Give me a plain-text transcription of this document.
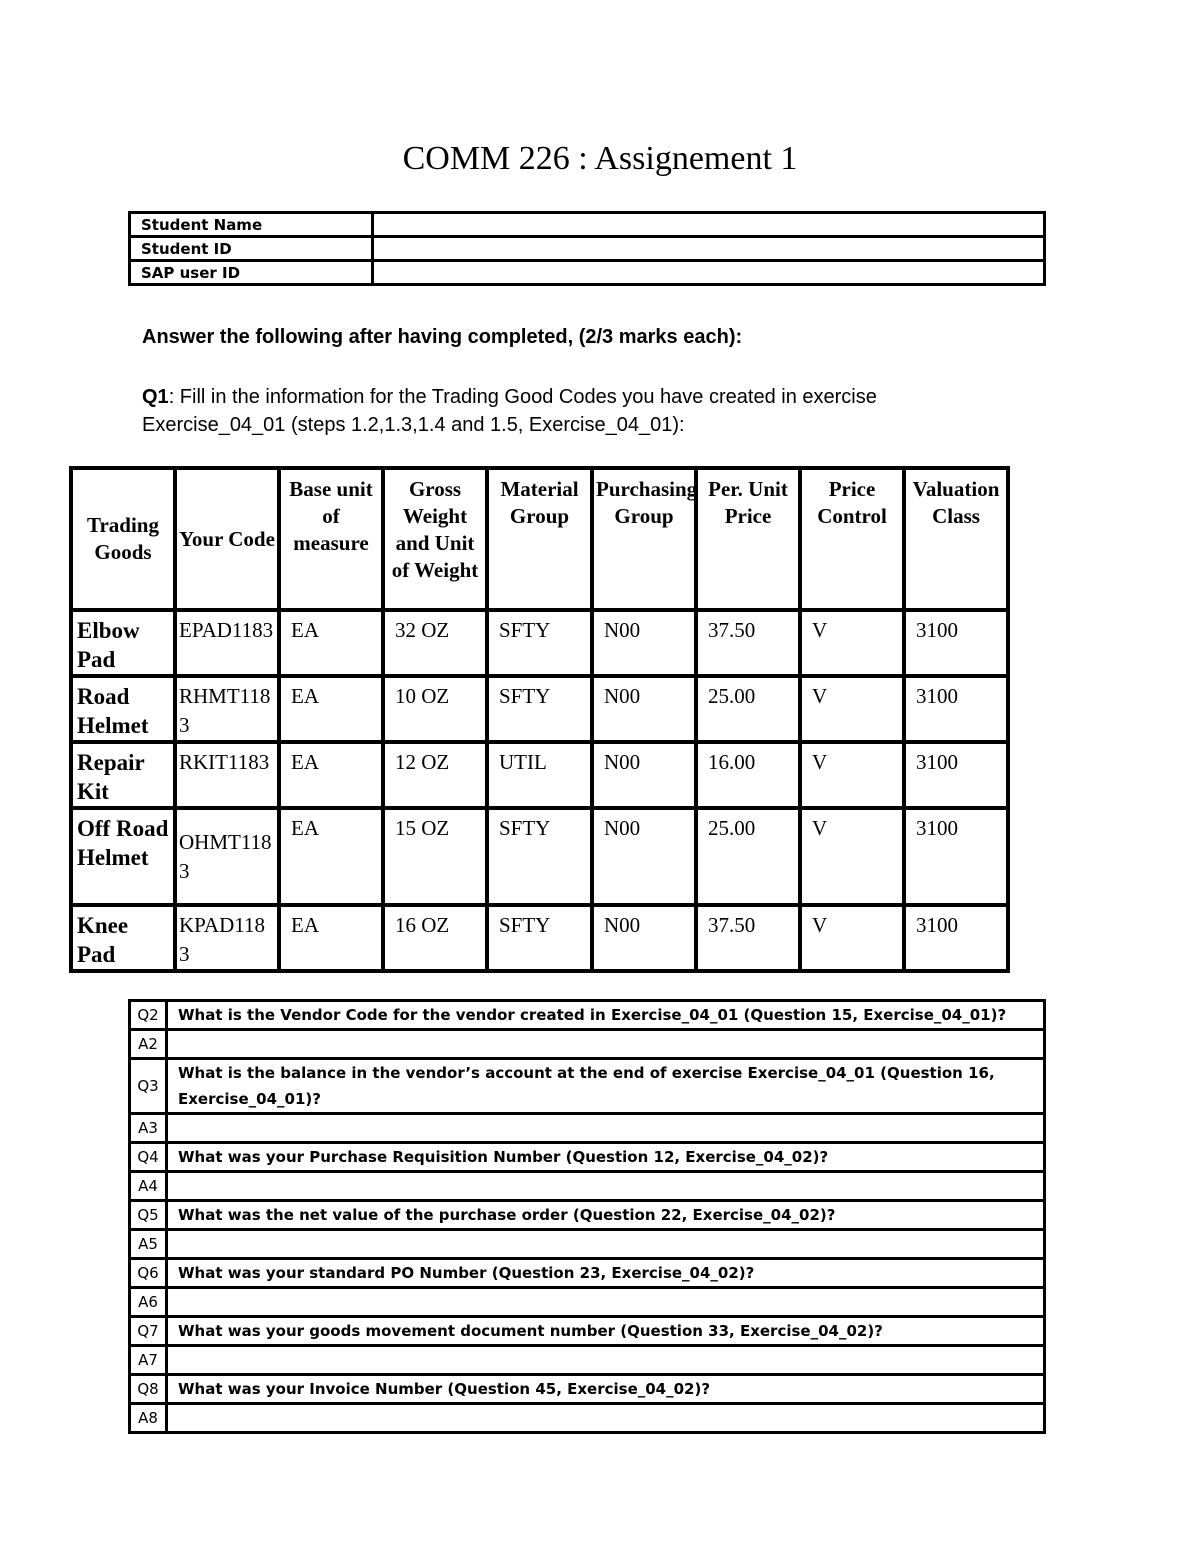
COMM 226 : Assignement 1
Student Name	
Student ID	
SAP user ID	
Answer the following after having completed, (2/3 marks each):
Q1: Fill in the information for the Trading Good Codes you have created in exercise Exercise_04_01 (steps 1.2,1.3,1.4 and 1.5, Exercise_04_01):
Trading Goods	Your Code	Base unit of measure	Gross Weight and Unit of Weight	Material Group	Purchasing Group	Per. Unit Price	Price Control	Valuation Class
Elbow Pad	EPAD1183	EA	32 OZ	SFTY	N00	37.50	V	3100
Road Helmet	RHMT1183	EA	10 OZ	SFTY	N00	25.00	V	3100
Repair Kit	RKIT1183	EA	12 OZ	UTIL	N00	16.00	V	3100
Off Road Helmet	OHMT1183	EA	15 OZ	SFTY	N00	25.00	V	3100
Knee Pad	KPAD1183	EA	16 OZ	SFTY	N00	37.50	V	3100
Q2	What is the Vendor Code for the vendor created in Exercise_04_01 (Question 15, Exercise_04_01)?
A2	
Q3	What is the balance in the vendor’s account at the end of exercise Exercise_04_01 (Question 16, Exercise_04_01)?
A3	
Q4	What was your Purchase Requisition Number (Question 12, Exercise_04_02)?
A4	
Q5	What was the net value of the purchase order (Question 22, Exercise_04_02)?
A5	
Q6	What was your standard PO Number (Question 23, Exercise_04_02)?
A6	
Q7	What was your goods movement document number (Question 33, Exercise_04_02)?
A7	
Q8	What was your Invoice Number (Question 45, Exercise_04_02)?
A8	
